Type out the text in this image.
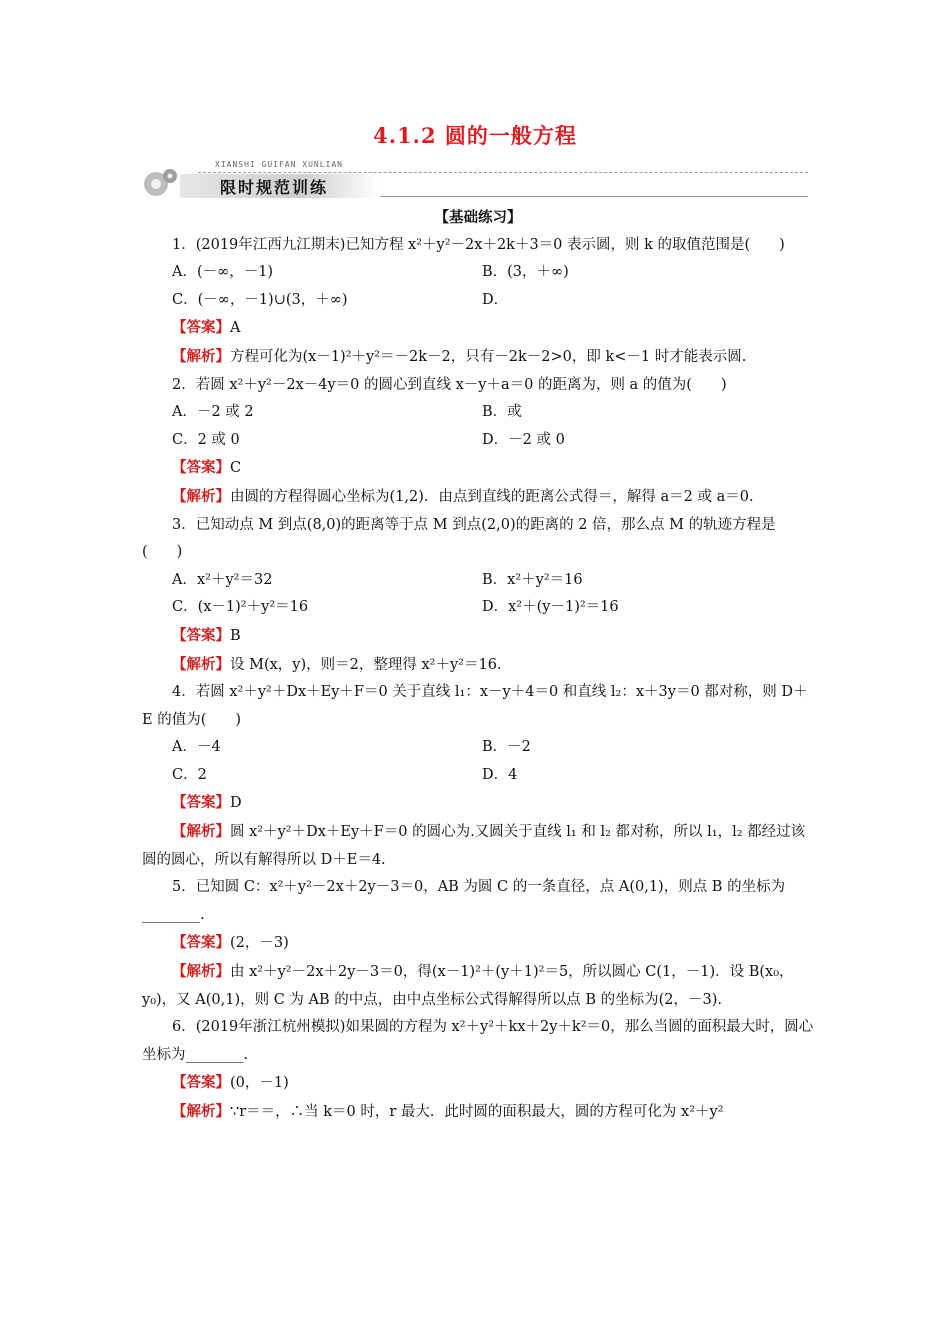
4.1.2 圆的一般方程
XIANSHI GUIFAN XUNLIAN
限时规范训练
【基础练习】

1．(2019年江西九江期末)已知方程 x²＋y²－2x＋2k＋3＝0 表示圆，则 k 的取值范围是(　　)

A．(－∞，－1)	B．(3，＋∞)
C．(－∞，－1)∪(3，＋∞)	D．

【答案】A

【解析】方程可化为(x－1)²＋y²＝－2k－2，只有－2k－2>0，即 k<－1 时才能表示圆.

2．若圆 x²＋y²－2x－4y＝0 的圆心到直线 x－y＋a＝0 的距离为，则 a 的值为(　　)

A．－2 或 2	B．或
C．2 或 0	D．－2 或 0

【答案】C

【解析】由圆的方程得圆心坐标为(1,2)．由点到直线的距离公式得＝，解得 a＝2 或 a＝0.

3．已知动点 M 到点(8,0)的距离等于点 M 到点(2,0)的距离的 2 倍，那么点 M 的轨迹方程是(　　)

A．x²＋y²＝32	B．x²＋y²＝16
C．(x－1)²＋y²＝16	D．x²＋(y－1)²＝16

【答案】B

【解析】设 M(x，y)，则＝2，整理得 x²＋y²＝16.

4．若圆 x²＋y²＋Dx＋Ey＋F＝0 关于直线 l₁：x－y＋4＝0 和直线 l₂：x＋3y＝0 都对称，则 D＋E 的值为(　　)

A．－4	B．－2
C．2	D．4

【答案】D

【解析】圆 x²＋y²＋Dx＋Ey＋F＝0 的圆心为.又圆关于直线 l₁ 和 l₂ 都对称，所以 l₁，l₂ 都经过该圆的圆心，所以有解得所以 D＋E＝4.

5．已知圆 C：x²＋y²－2x＋2y－3＝0，AB 为圆 C 的一条直径，点 A(0,1)，则点 B 的坐标为________.

【答案】(2，－3)

【解析】由 x²＋y²－2x＋2y－3＝0，得(x－1)²＋(y＋1)²＝5，所以圆心 C(1，－1)．设 B(x₀，y₀)，又 A(0,1)，则 C 为 AB 的中点，由中点坐标公式得解得所以点 B 的坐标为(2，－3).

6．(2019年浙江杭州模拟)如果圆的方程为 x²＋y²＋kx＋2y＋k²＝0，那么当圆的面积最大时，圆心坐标为________.

【答案】(0，－1)

【解析】∵r＝＝，∴当 k＝0 时，r 最大．此时圆的面积最大，圆的方程可化为 x²＋y²
